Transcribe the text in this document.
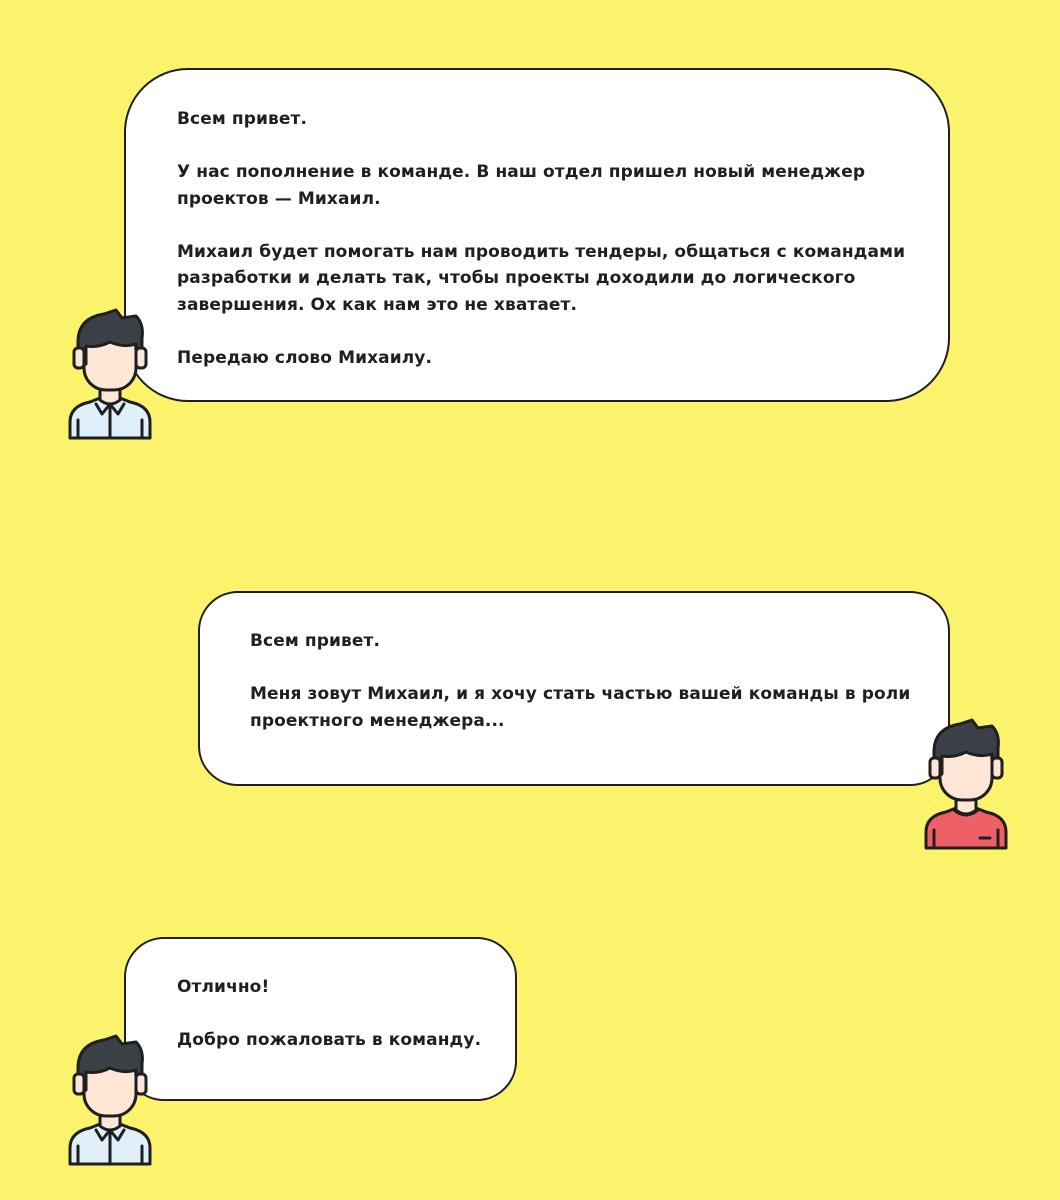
Всем привет.

У нас пополнение в команде. В наш отдел пришел новый менеджер
проектов — Михаил.

Михаил будет помогать нам проводить тендеры, общаться с командами
разработки и делать так, чтобы проекты доходили до логического
завершения. Ох как нам это не хватает.

Передаю слово Михаилу.

Всем привет.

Меня зовут Михаил, и я хочу стать частью вашей команды в роли
проектного менеджера...

Отлично!

Добро пожаловать в команду.
